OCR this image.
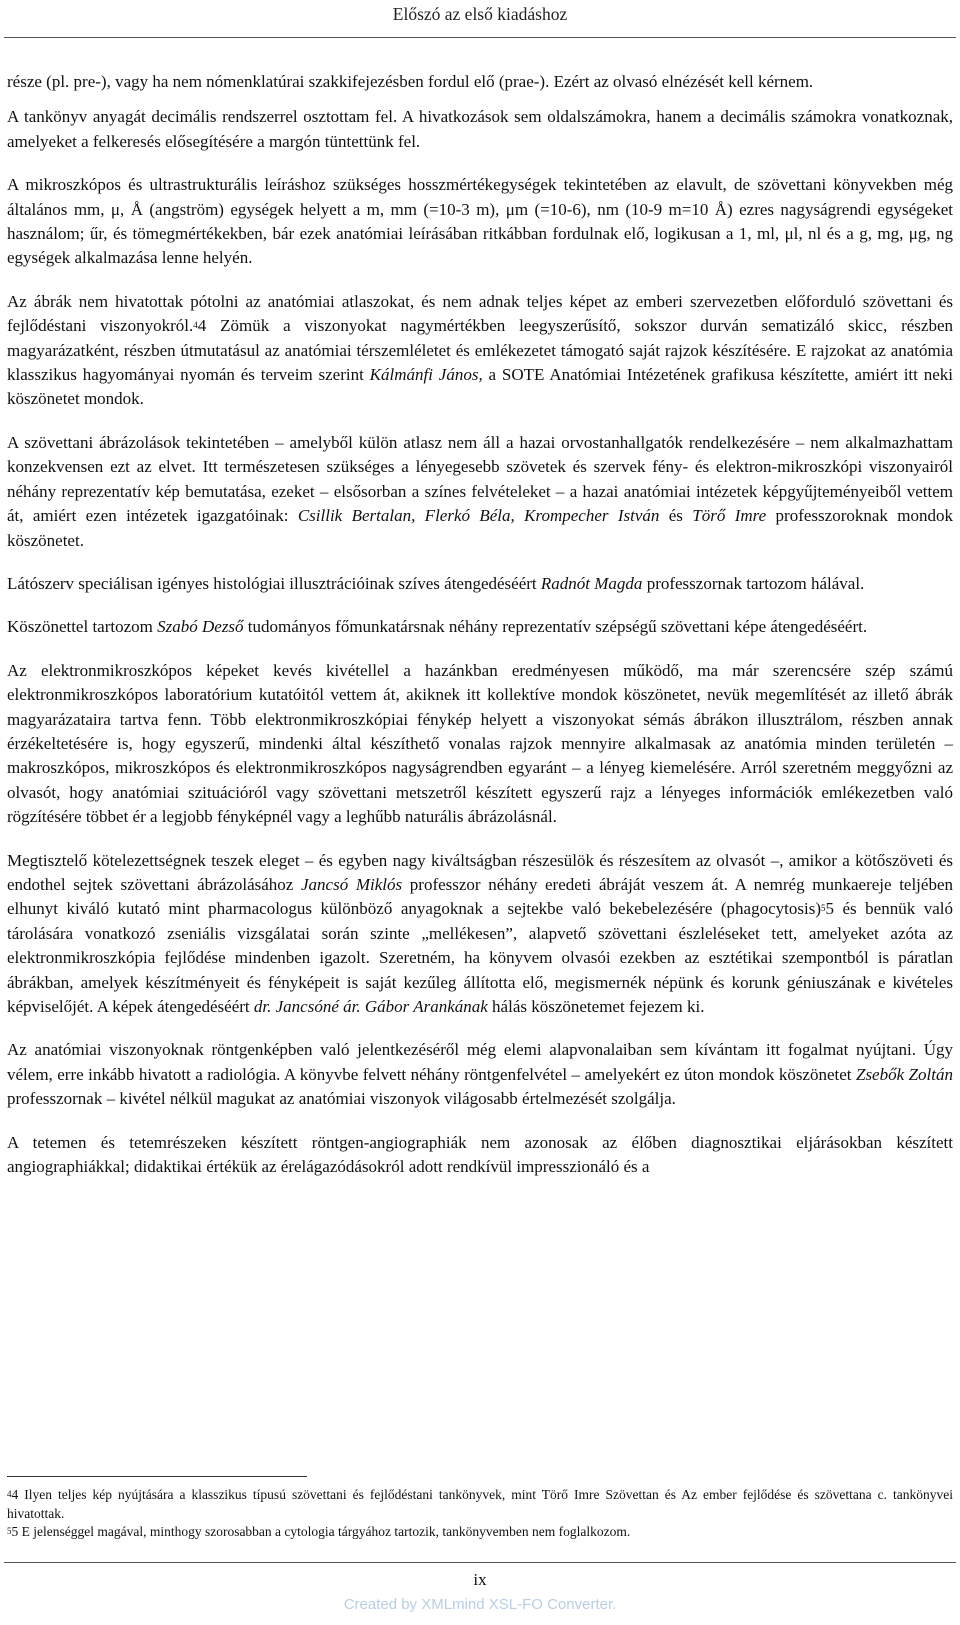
Előszó az első kiadáshoz

része (pl. pre-), vagy ha nem nómenklatúrai szakkifejezésben fordul elő (prae-). Ezért az olvasó elnézését kell kérnem.

A tankönyv anyagát decimális rendszerrel osztottam fel. A hivatkozások sem oldalszámokra, hanem a decimális számokra vonatkoznak, amelyeket a felkeresés elősegítésére a margón tüntettünk fel.

A mikroszkópos és ultrastrukturális leíráshoz szükséges hosszmértékegységek tekintetében az elavult, de szövettani könyvekben még általános mm, μ, Å (angström) egységek helyett a m, mm (=10-3 m), μm (=10-6), nm (10-9 m=10 Å) ezres nagyságrendi egységeket használom; űr, és tömegmértékekben, bár ezek anatómiai leírásában ritkábban fordulnak elő, logikusan a 1, ml, μl, nl és a g, mg, μg, ng egységek alkalmazása lenne helyén.

Az ábrák nem hivatottak pótolni az anatómiai atlaszokat, és nem adnak teljes képet az emberi szervezetben előforduló szövettani és fejlődéstani viszonyokról.$^4$4 Zömük a viszonyokat nagymértékben leegyszerűsítő, sokszor durván sematizáló skicc, részben magyarázatként, részben útmutatásul az anatómiai térszemléletet és emlékezetet támogató saját rajzok készítésére. E rajzokat az anatómia klasszikus hagyományai nyomán és terveim szerint Kálmánfi János, a SOTE Anatómiai Intézetének grafikusa készítette, amiért itt neki köszönetet mondok.

A szövettani ábrázolások tekintetében – amelyből külön atlasz nem áll a hazai orvostanhallgatók rendelkezésére – nem alkalmazhattam konzekvensen ezt az elvet. Itt természetesen szükséges a lényegesebb szövetek és szervek fény- és elektron-mikroszkópi viszonyairól néhány reprezentatív kép bemutatása, ezeket – elsősorban a színes felvételeket – a hazai anatómiai intézetek képgyűjteményeiből vettem át, amiért ezen intézetek igazgatóinak: Csillik Bertalan, Flerkó Béla, Krompecher István és Törő Imre professzoroknak mondok köszönetet.

Látószerv speciálisan igényes histológiai illusztrációinak szíves átengedéséért Radnót Magda professzornak tartozom hálával.

Köszönettel tartozom Szabó Dezső tudományos főmunkatársnak néhány reprezentatív szépségű szövettani képe átengedéséért.

Az elektronmikroszkópos képeket kevés kivétellel a hazánkban eredményesen működő, ma már szerencsére szép számú elektronmikroszkópos laboratórium kutatóitól vettem át, akiknek itt kollektíve mondok köszönetet, nevük megemlítését az illető ábrák magyarázataira tartva fenn. Több elektronmikroszkópiai fénykép helyett a viszonyokat sémás ábrákon illusztrálom, részben annak érzékeltetésére is, hogy egyszerű, mindenki által készíthető vonalas rajzok mennyire alkalmasak az anatómia minden területén – makroszkópos, mikroszkópos és elektronmikroszkópos nagyságrendben egyaránt – a lényeg kiemelésére. Arról szeretném meggyőzni az olvasót, hogy anatómiai szituációról vagy szövettani metszetről készített egyszerű rajz a lényeges információk emlékezetben való rögzítésére többet ér a legjobb fényképnél vagy a leghűbb naturális ábrázolásnál.

Megtisztelő kötelezettségnek teszek eleget – és egyben nagy kiváltságban részesülök és részesítem az olvasót –, amikor a kötőszöveti és endothel sejtek szövettani ábrázolásához Jancsó Miklós professzor néhány eredeti ábráját veszem át. A nemrég munkaereje teljében elhunyt kiváló kutató mint pharmacologus különböző anyagoknak a sejtekbe való bekebelezésére (phagocytosis)$^5$5 és bennük való tárolására vonatkozó zseniális vizsgálatai során szinte „mellékesen”, alapvető szövettani észleléseket tett, amelyeket azóta az elektronmikroszkópia fejlődése mindenben igazolt. Szeretném, ha könyvem olvasói ezekben az esztétikai szempontból is páratlan ábrákban, amelyek készítményeit és fényképeit is saját kezűleg állította elő, megismernék népünk és korunk géniuszának e kivételes képviselőjét. A képek átengedéséért dr. Jancsóné ár. Gábor Arankának hálás köszönetemet fejezem ki.

Az anatómiai viszonyoknak röntgenképben való jelentkezéséről még elemi alapvonalaiban sem kívántam itt fogalmat nyújtani. Úgy vélem, erre inkább hivatott a radiológia. A könyvbe felvett néhány röntgenfelvétel – amelyekért ez úton mondok köszönetet Zsebők Zoltán professzornak – kivétel nélkül magukat az anatómiai viszonyok világosabb értelmezését szolgálja.

A tetemen és tetemrészeken készített röntgen-angiographiák nem azonosak az élőben diagnosztikai eljárásokban készített angiographiákkal; didaktikai értékük az érelágazódásokról adott rendkívül impresszionáló és a

$^4$4 Ilyen teljes kép nyújtására a klasszikus típusú szövettani és fejlődéstani tankönyvek, mint Törő Imre Szövettan és Az ember fejlődése és szövettana c. tankönyvei hivatottak.

$^5$5 E jelenséggel magával, minthogy szorosabban a cytologia tárgyához tartozik, tankönyvemben nem foglalkozom.

ix
Created by XMLmind XSL-FO Converter.
